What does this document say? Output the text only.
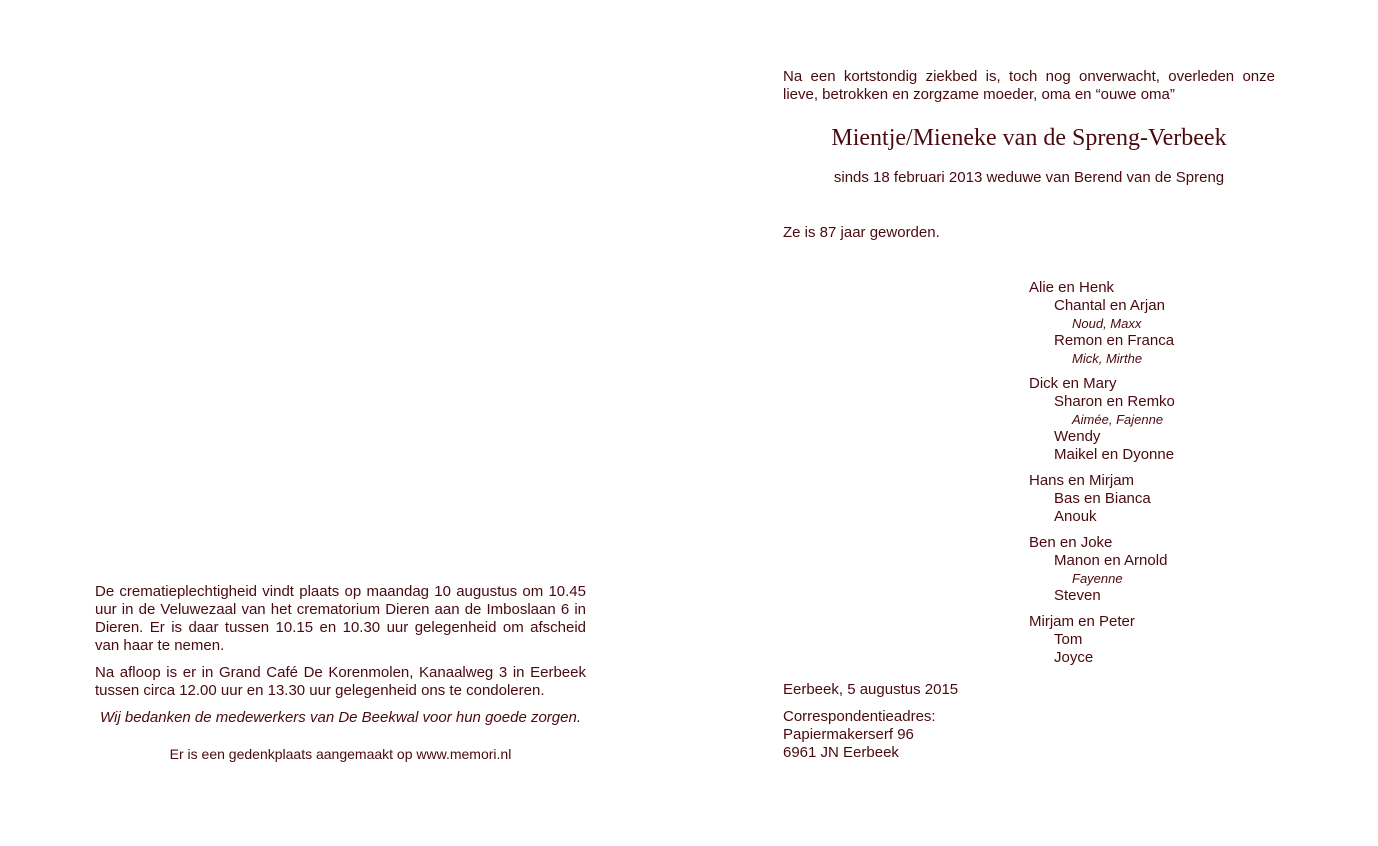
De crematieplechtigheid vindt plaats op maandag 10 augustus om 10.45 uur in de Veluwezaal van het crematorium Dieren aan de Imboslaan 6 in Dieren. Er is daar tussen 10.15 en 10.30 uur gelegenheid om afscheid van haar te nemen.

Na afloop is er in Grand Café De Korenmolen, Kanaalweg 3 in Eerbeek tussen circa 12.00 uur en 13.30 uur gelegenheid ons te condoleren.

Wij bedanken de medewerkers van De Beekwal voor hun goede zorgen.

Er is een gedenkplaats aangemaakt op www.memori.nl
Na een kortstondig ziekbed is, toch nog onverwacht, overleden onze lieve, betrokken en zorgzame moeder, oma en “ouwe oma”
Mientje/Mieneke van de Spreng-Verbeek
sinds 18 februari 2013 weduwe van Berend van de Spreng
Ze is 87 jaar geworden.
Alie en Henk
Chantal en Arjan
Noud, Maxx
Remon en Franca
Mick, Mirthe
Dick en Mary
Sharon en Remko
Aimée, Fajenne
Wendy
Maikel en Dyonne
Hans en Mirjam
Bas en Bianca
Anouk
Ben en Joke
Manon en Arnold
Fayenne
Steven
Mirjam en Peter
Tom
Joyce
Eerbeek, 5 augustus 2015
Correspondentieadres:
Papiermakerserf 96
6961 JN Eerbeek
